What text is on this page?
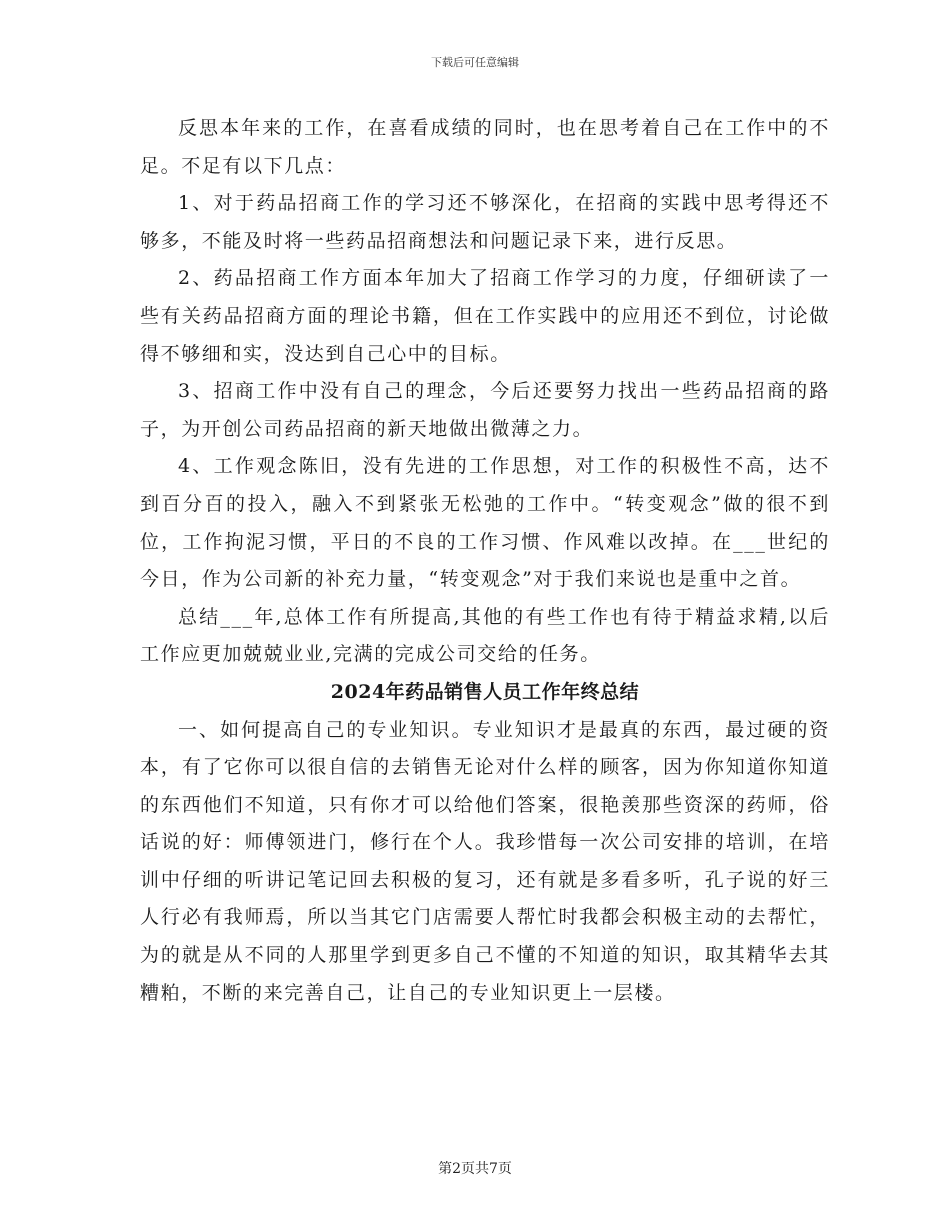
下载后可任意编辑

反思本年来的工作，在喜看成绩的同时，也在思考着自己在工作中的不足。不足有以下几点：

1、对于药品招商工作的学习还不够深化，在招商的实践中思考得还不够多，不能及时将一些药品招商想法和问题记录下来，进行反思。

2、药品招商工作方面本年加大了招商工作学习的力度，仔细研读了一些有关药品招商方面的理论书籍，但在工作实践中的应用还不到位，讨论做得不够细和实，没达到自己心中的目标。

3、招商工作中没有自己的理念，今后还要努力找出一些药品招商的路子，为开创公司药品招商的新天地做出微薄之力。

4、工作观念陈旧，没有先进的工作思想，对工作的积极性不高，达不到百分百的投入，融入不到紧张无松弛的工作中。“转变观念”做的很不到位，工作拘泥习惯，平日的不良的工作习惯、作风难以改掉。在___世纪的今日，作为公司新的补充力量，“转变观念”对于我们来说也是重中之首。

总结___年,总体工作有所提高,其他的有些工作也有待于精益求精,以后工作应更加兢兢业业,完满的完成公司交给的任务。

2024年药品销售人员工作年终总结

一、如何提高自己的专业知识。专业知识才是最真的东西，最过硬的资本，有了它你可以很自信的去销售无论对什么样的顾客，因为你知道你知道的东西他们不知道，只有你才可以给他们答案，很艳羡那些资深的药师，俗话说的好：师傅领进门，修行在个人。我珍惜每一次公司安排的培训，在培训中仔细的听讲记笔记回去积极的复习，还有就是多看多听，孔子说的好三人行必有我师焉，所以当其它门店需要人帮忙时我都会积极主动的去帮忙，为的就是从不同的人那里学到更多自己不懂的不知道的知识，取其精华去其糟粕，不断的来完善自己，让自己的专业知识更上一层楼。

第2页共7页
